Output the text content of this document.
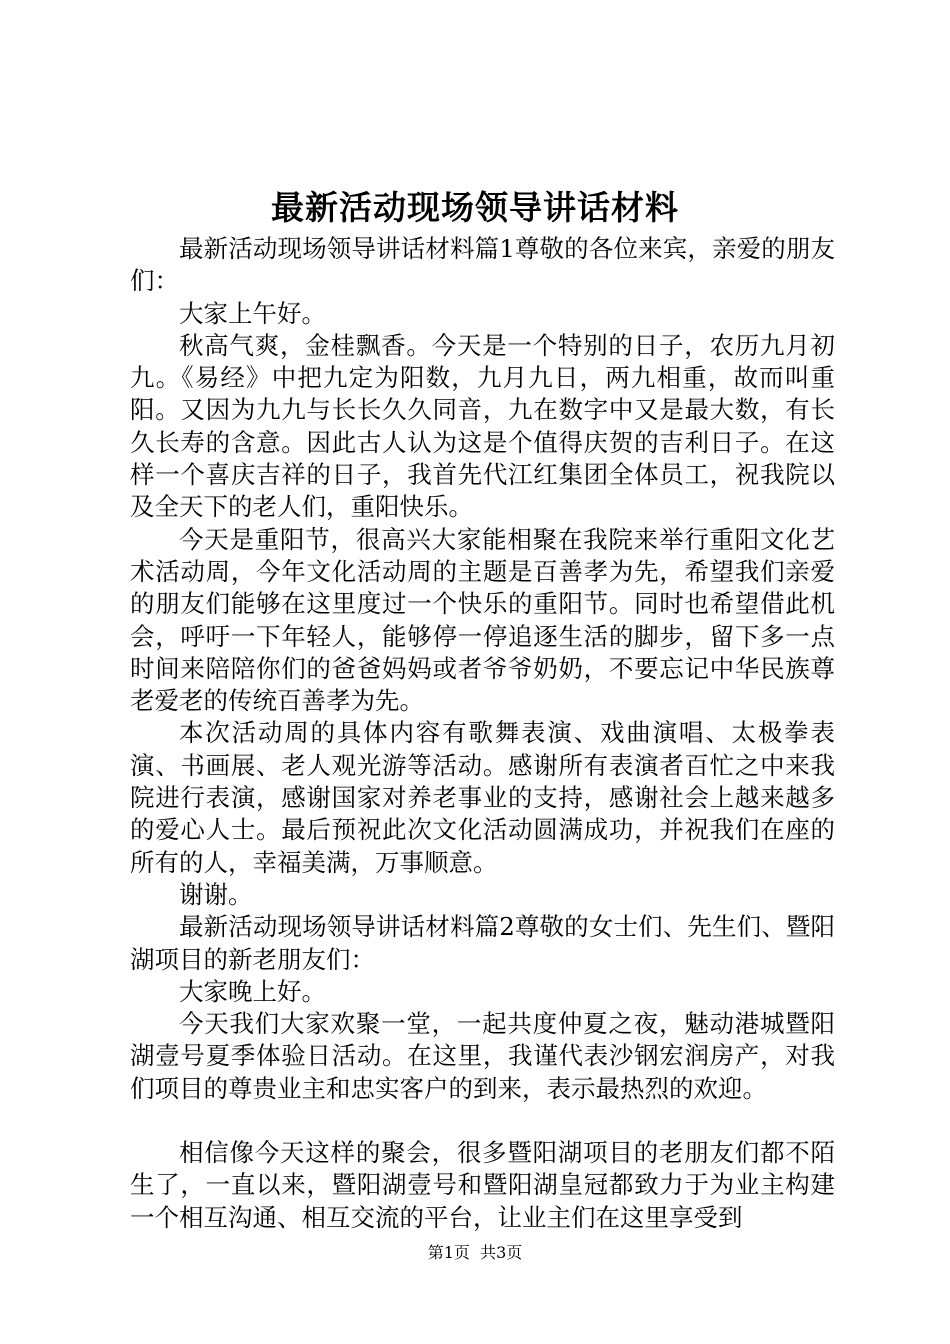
最新活动现场领导讲话材料

最新活动现场领导讲话材料篇1尊敬的各位来宾，亲爱的朋友们：

大家上午好。

秋高气爽，金桂飘香。今天是一个特别的日子，农历九月初九。《易经》中把九定为阳数，九月九日，两九相重，故而叫重阳。又因为九九与长长久久同音，九在数字中又是最大数，有长久长寿的含意。因此古人认为这是个值得庆贺的吉利日子。在这样一个喜庆吉祥的日子，我首先代江红集团全体员工，祝我院以及全天下的老人们，重阳快乐。

今天是重阳节，很高兴大家能相聚在我院来举行重阳文化艺术活动周，今年文化活动周的主题是百善孝为先，希望我们亲爱的朋友们能够在这里度过一个快乐的重阳节。同时也希望借此机会，呼吁一下年轻人，能够停一停追逐生活的脚步，留下多一点时间来陪陪你们的爸爸妈妈或者爷爷奶奶，不要忘记中华民族尊老爱老的传统百善孝为先。

本次活动周的具体内容有歌舞表演、戏曲演唱、太极拳表演、书画展、老人观光游等活动。感谢所有表演者百忙之中来我院进行表演，感谢国家对养老事业的支持，感谢社会上越来越多的爱心人士。最后预祝此次文化活动圆满成功，并祝我们在座的所有的人，幸福美满，万事顺意。

谢谢。

最新活动现场领导讲话材料篇2尊敬的女士们、先生们、暨阳湖项目的新老朋友们：

大家晚上好。

今天我们大家欢聚一堂，一起共度仲夏之夜，魅动港城暨阳湖壹号夏季体验日活动。在这里，我谨代表沙钢宏润房产，对我们项目的尊贵业主和忠实客户的到来，表示最热烈的欢迎。

相信像今天这样的聚会，很多暨阳湖项目的老朋友们都不陌生了，一直以来，暨阳湖壹号和暨阳湖皇冠都致力于为业主构建一个相互沟通、相互交流的平台，让业主们在这里享受到

第1页 共3页
